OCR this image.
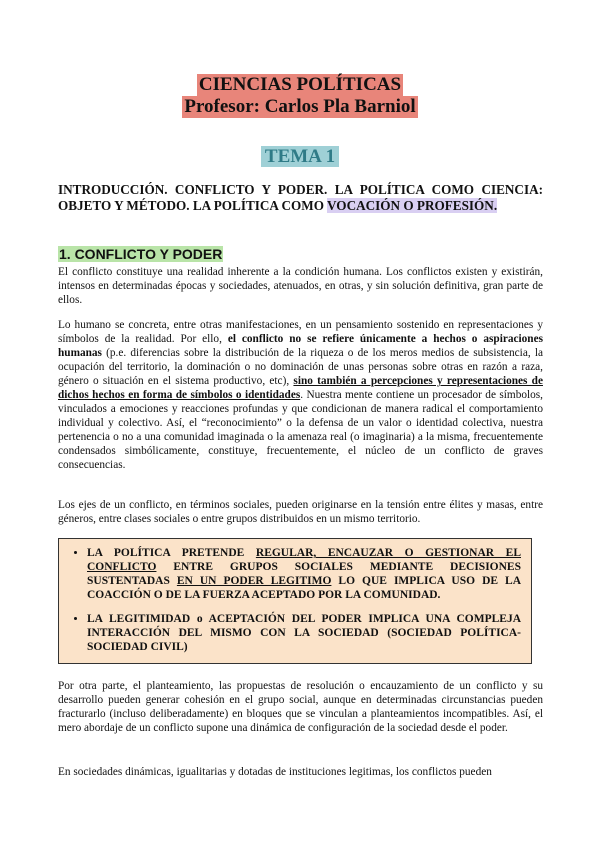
CIENCIAS POLÍTICAS
Profesor: Carlos Pla Barniol
TEMA 1
INTRODUCCIÓN. CONFLICTO Y PODER. LA POLÍTICA COMO CIENCIA: OBJETO Y MÉTODO. LA POLÍTICA COMO VOCACIÓN O PROFESIÓN.
1. CONFLICTO Y PODER

El conflicto constituye una realidad inherente a la condición humana. Los conflictos existen y existirán, intensos en determinadas épocas y sociedades, atenuados, en otras, y sin solución definitiva, gran parte de ellos.

Lo humano se concreta, entre otras manifestaciones, en un pensamiento sostenido en representaciones y símbolos de la realidad. Por ello, el conflicto no se refiere únicamente a hechos o aspiraciones humanas (p.e. diferencias sobre la distribución de la riqueza o de los meros medios de subsistencia, la ocupación del territorio, la dominación o no dominación de unas personas sobre otras en razón a raza, género o situación en el sistema productivo, etc), sino también a percepciones y representaciones de dichos hechos en forma de símbolos o identidades. Nuestra mente contiene un procesador de símbolos, vinculados a emociones y reacciones profundas y que condicionan de manera radical el comportamiento individual y colectivo. Así, el “reconocimiento” o la defensa de un valor o identidad colectiva, nuestra pertenencia o no a una comunidad imaginada o la amenaza real (o imaginaria) a la misma, frecuentemente condensados simbólicamente, constituye, frecuentemente, el núcleo de un conflicto de graves consecuencias.

Los ejes de un conflicto, en términos sociales, pueden originarse en la tensión entre élites y masas, entre géneros, entre clases sociales o entre grupos distribuidos en un mismo territorio.

• LA POLÍTICA PRETENDE REGULAR, ENCAUZAR O GESTIONAR EL CONFLICTO ENTRE GRUPOS SOCIALES MEDIANTE DECISIONES SUSTENTADAS EN UN PODER LEGITIMO LO QUE IMPLICA USO DE LA COACCIÓN O DE LA FUERZA ACEPTADO POR LA COMUNIDAD.
• LA LEGITIMIDAD o ACEPTACIÓN DEL PODER IMPLICA UNA COMPLEJA INTERACCIÓN DEL MISMO CON LA SOCIEDAD (SOCIEDAD POLÍTICA-SOCIEDAD CIVIL)

Por otra parte, el planteamiento, las propuestas de resolución o encauzamiento de un conflicto y su desarrollo pueden generar cohesión en el grupo social, aunque en determinadas circunstancias pueden fracturarlo (incluso deliberadamente) en bloques que se vinculan a planteamientos incompatibles. Así, el mero abordaje de un conflicto supone una dinámica de configuración de la sociedad desde el poder.

En sociedades dinámicas, igualitarias y dotadas de instituciones legitimas, los conflictos pueden
